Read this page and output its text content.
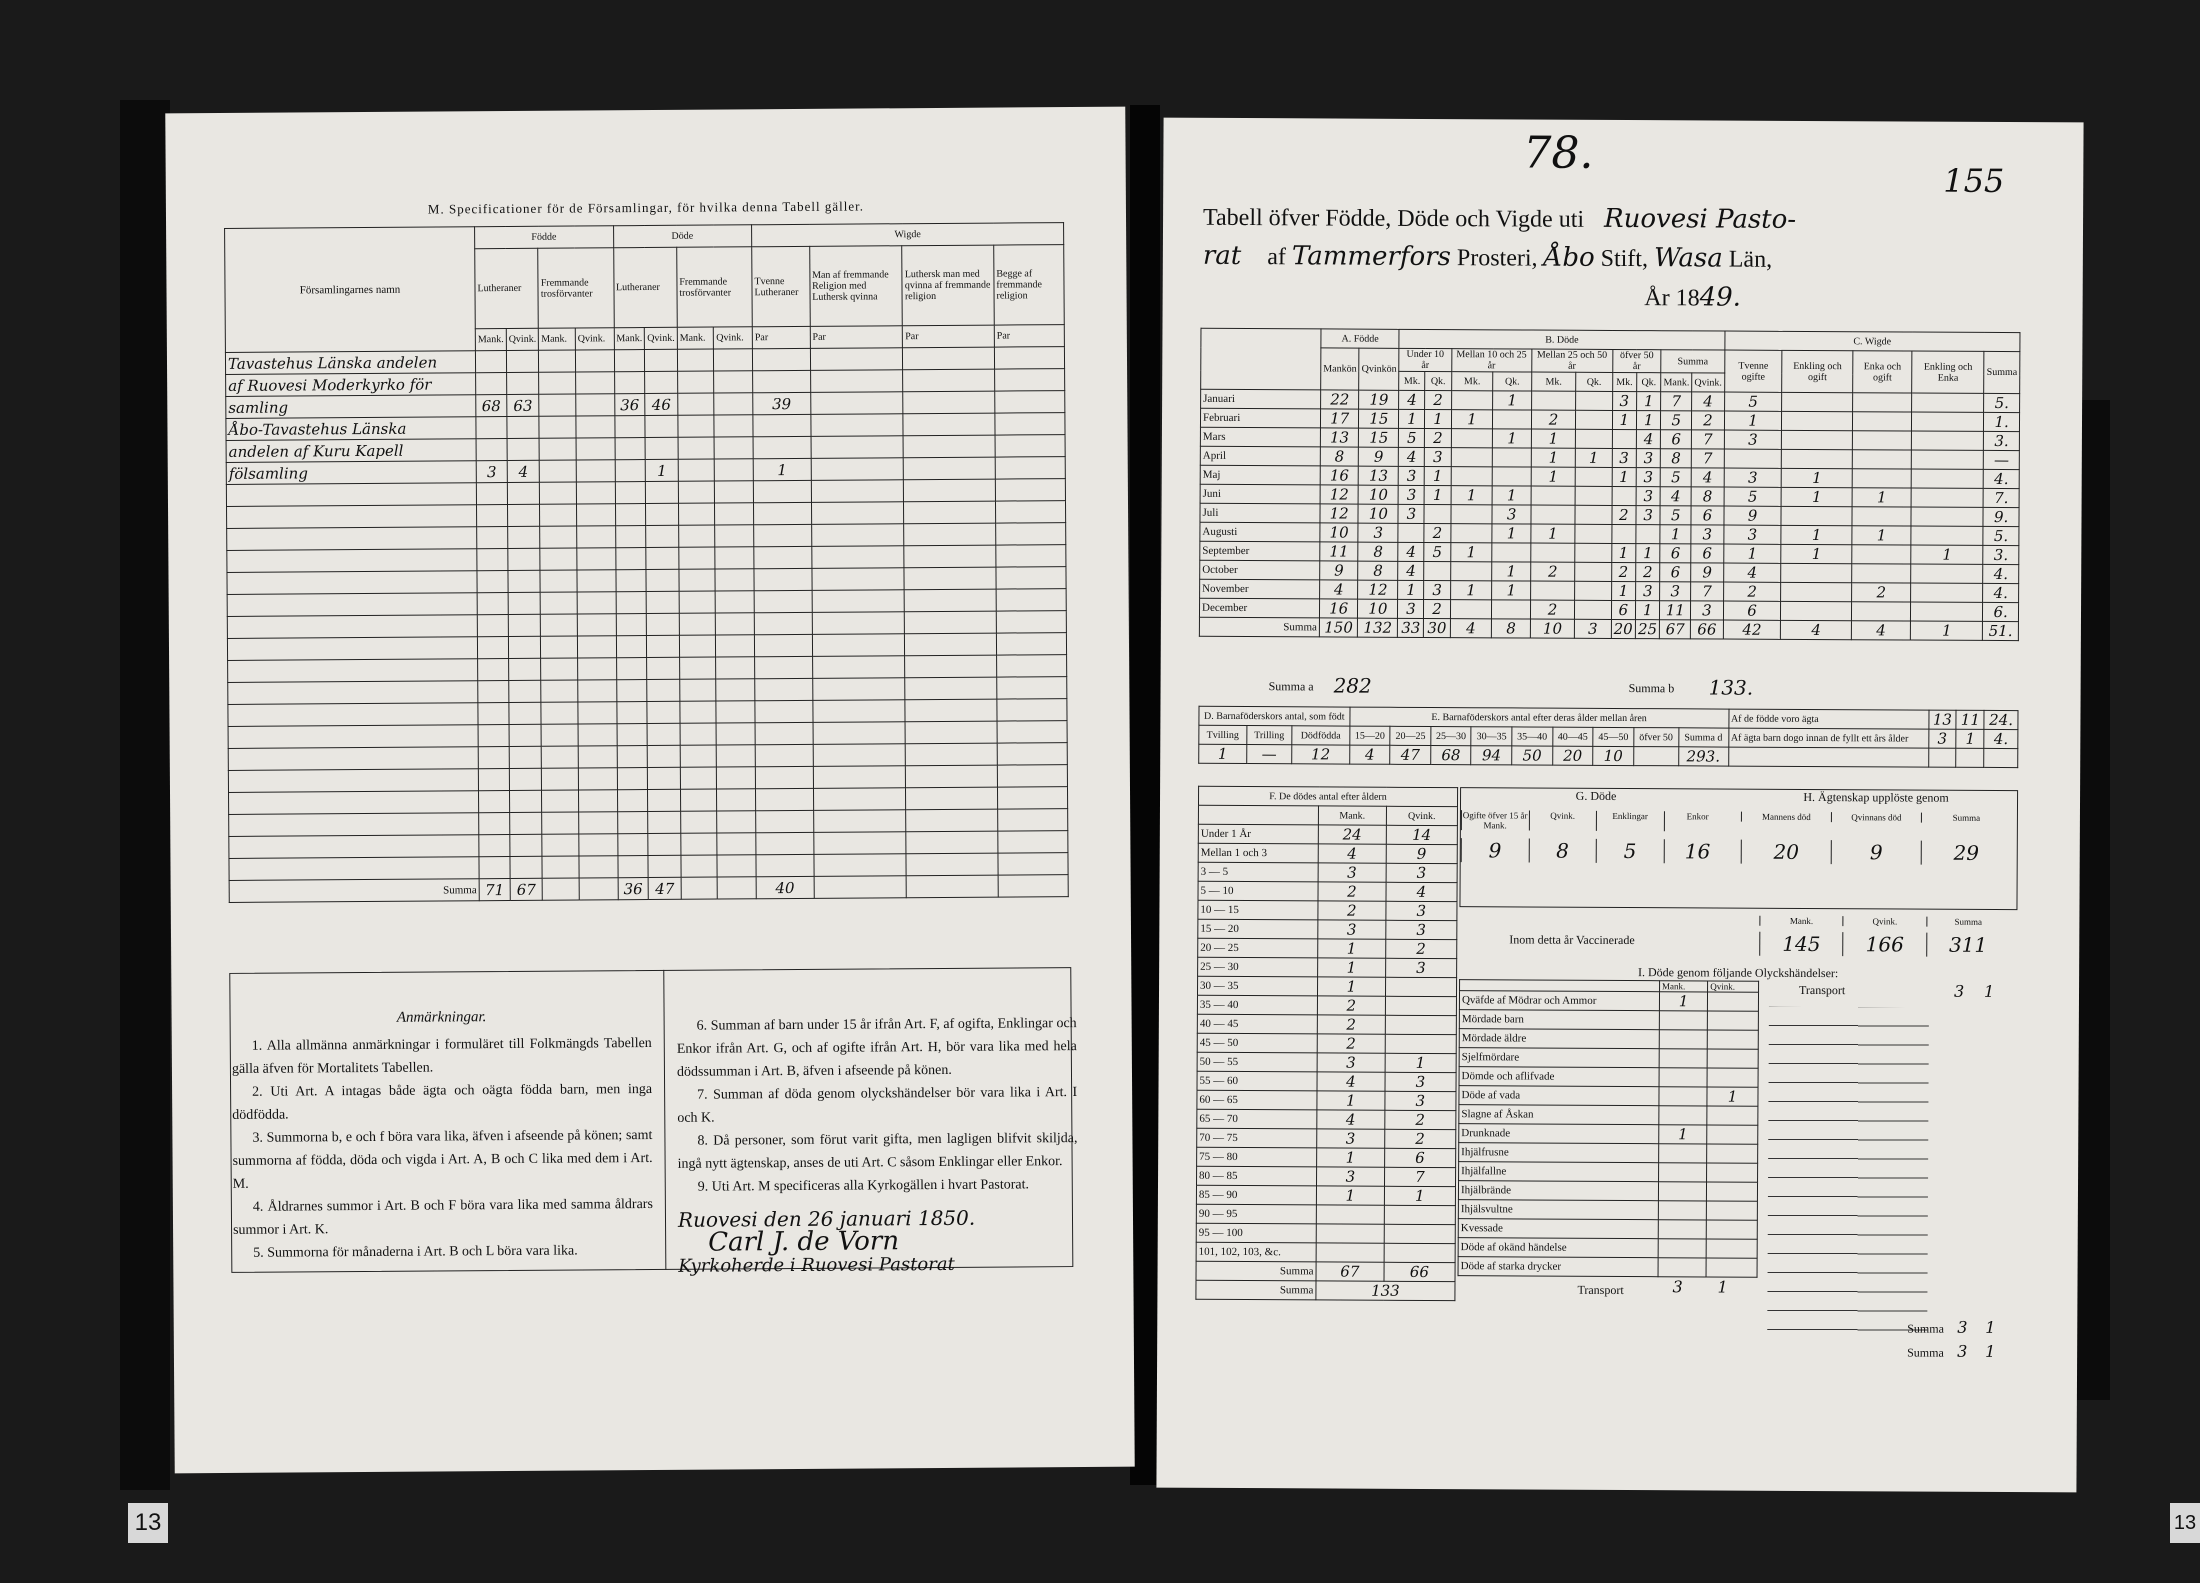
13
M. Specificationer för de Församlingar, för hvilka denna Tabell gäller.
Församlingarnes namn	Födde				Döde				Wigde			
	Lutheraner		Fremmande trosförvanter		Lutheraner		Fremmande trosförvanter		Tvenne Lutheraner	Man af fremmande Religion med Luthersk qvinna	Luthersk man med qvinna af fremmande religion	Begge af fremmande religion
	Mank.	Qvink.	Mank.	Qvink.	Mank.	Qvink.	Mank.	Qvink.	Par	Par	Par	Par
Tavastehus Länska andelen												
af Ruovesi Moderkyrko för												
samling	68	63			36	46			39			
Åbo-Tavastehus Länska												
andelen af Kuru Kapell												
fölsamling	3	4				1			1			

Summa	71	67			36	47			40			
Anmärkningar.

1. Alla allmänna anmärkningar i formuläret till Folkmängds Tabellen gälla äfven för Mortalitets Tabellen.

2. Uti Art. A intagas både ägta och oägta födda barn, men inga dödfödda.

3. Summorna b, e och f böra vara lika, äfven i afseende på könen; samt summorna af födda, döda och vigda i Art. A, B och C lika med dem i Art. M.

4. Åldrarnes summor i Art. B och F böra vara lika med samma åldrars summor i Art. K.

5. Summorna för månaderna i Art. B och L böra vara lika.

6. Summan af barn under 15 år ifrån Art. F, af ogifta, Enklingar och Enkor ifrån Art. G, och af ogifte ifrån Art. H, bör vara lika med hela dödssumman i Art. B, äfven i afseende på könen.

7. Summan af döda genom olyckshändelser bör vara lika i Art. I och K.

8. Då personer, som förut varit gifta, men lagligen blifvit skiljda, ingå nytt ägtenskap, anses de uti Art. C såsom Enklingar eller Enkor.

9. Uti Art. M specificeras alla Kyrkogällen i hvart Pastorat.

Ruovesi den 26 januari 1850.
Carl J. de Vorn
Kyrkoherde i Ruovesi Pastorat
78.
155
Tabell öfver Födde, Döde och Vigde uti Ruovesi Pasto-
rat af Tammerfors Prosteri, Åbo Stift, Wasa Län,
År 1849.
	A. Födde		B. Döde										C. Wigde				
	Mankön	Qvinkön	Under 10 år		Mellan 10 och 25 år		Mellan 25 och 50 år		öfver 50 år		Summa		Tvenne ogifte	Enkling och ogift	Enka och ogift	Enkling och Enka	Summa
			Mk.	Qk.	Mk.	Qk.	Mk.	Qk.	Mk.	Qk.	Mank.	Qvink.					
Januari	22	19	4	2		1			3	1	7	4	5				5.
Februari	17	15	1	1	1		2		1	1	5	2	1				1.
Mars	13	15	5	2		1	1			4	6	7	3				3.
April	8	9	4	3			1	1	3	3	8	7					—
Maj	16	13	3	1			1		1	3	5	4	3	1			4.
Juni	12	10	3	1	1	1				3	4	8	5	1	1		7.
Juli	12	10	3			3			2	3	5	6	9				9.
Augusti	10	3		2		1	1				1	3	3	1	1		5.
September	11	8	4	5	1				1	1	6	6	1	1		1	3.
October	9	8	4			1	2		2	2	6	9	4				4.
November	4	12	1	3	1	1			1	3	3	7	2		2		4.
December	16	10	3	2			2		6	1	11	3	6				6.
Summa	150	132	33	30	4	8	10	3	20	25	67	66	42	4	4	1	51.
Summa a 282	Summa b 133.
D. Barnaföderskors antal, som födt			E. Barnaföderskors antal efter deras ålder mellan åren									Af de födde voro ägta	13	11	24.
Tvilling	Trilling	Dödfödda	15—20	20—25	25—30	30—35	35—40	40—45	45—50	öfver 50	Summa d	Af ägta barn dogo innan de fyllt ett års ålder	3	1	4.
1	—	12	4	47	68	94	50	20	10		293.				
F. De dödes antal efter åldern		
	Mank.	Qvink.
Under 1 År	24	14
Mellan 1 och 3	4	9
3 — 5	3	3
5 — 10	2	4
10 — 15	2	3
15 — 20	3	3
20 — 25	1	2
25 — 30	1	3
30 — 35	1	
35 — 40	2	
40 — 45	2	
45 — 50	2	
50 — 55	3	1
55 — 60	4	3
60 — 65	1	3
65 — 70	4	2
70 — 75	3	2
75 — 80	1	6
80 — 85	3	7
85 — 90	1	1
90 — 95		
95 — 100		
101, 102, 103, &c.		
Summa	67	66
Summa	133	
G. Döde	H. Ägtenskap upplöste genom
Ogifte öfver 15 år Mank.
Qvink.	Enklingar	Enkor
9	8	5	16
Mannens död	Qvinnans död	Summa
20	9	29
Inom detta år Vaccinerade
Mank.	Qvink.	Summa
145	166	311
I. Döde genom följande Olyckshändelser:
	Mank.	Qvink.
Qväfde af Mödrar och Ammor	1	
Mördade barn		
Mördade äldre		
Sjelfmördare		
Dömde och aflifvade		
Döde af vada		1
Slagne af Åskan		
Drunknade	1	
Ihjälfrusne		
Ihjälfallne		
Ihjälbrände		
Ihjälsvultne		
Kvessade		
Döde af okänd händelse		
Döde af starka drycker		
Transport	3 1
Summa 3 1
Summa 3 1
Transport	3 1
13
